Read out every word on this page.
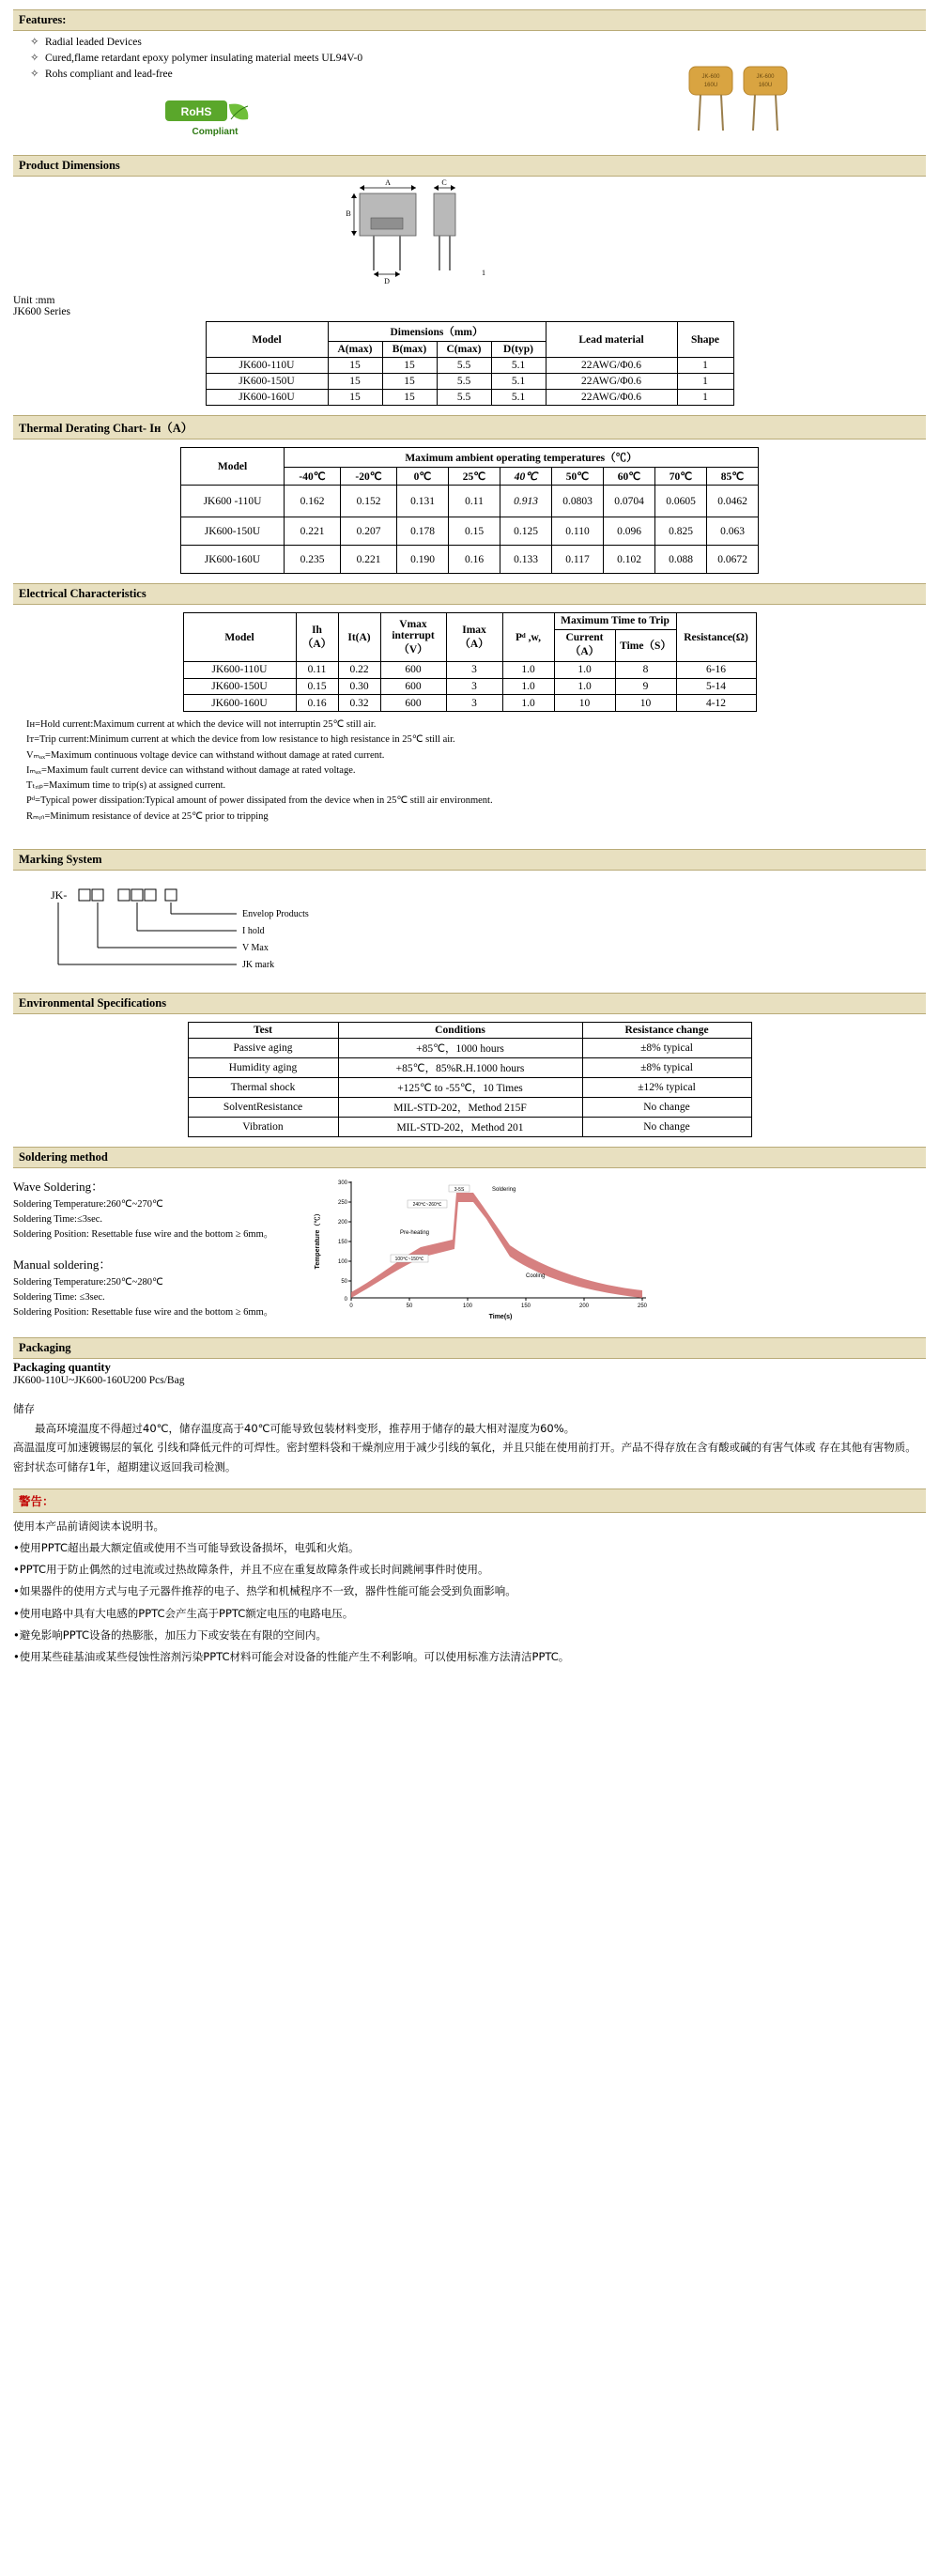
Features:
✧ Radial leaded Devices
✧ Cured,flame retardant epoxy polymer insulating material meets UL94V-0
✧ Rohs compliant and lead-free	JK-600
160U
JK-600
160U
RoHS
Compliant
Product Dimensions
A	C
B
D
1
Unit :mm
JK600 Series
Model	Dimensions（mm）				Lead material	Shape
	A(max)	B(max)	C(max)	D(typ)		
JK600-110U	15	15	5.5	5.1	22AWG/Φ0.6	1
JK600-150U	15	15	5.5	5.1	22AWG/Φ0.6	1
JK600-160U	15	15	5.5	5.1	22AWG/Φ0.6	1
Thermal Derating Chart- Iʜ（A）
Model	Maximum ambient operating temperatures（℃）								
	-40℃	-20℃	0℃	25℃	40℃	50℃	60℃	70℃	85℃
JK600 -110U	0.162	0.152	0.131	0.11	0.913	0.0803	0.0704	0.0605	0.0462
JK600-150U	0.221	0.207	0.178	0.15	0.125	0.110	0.096	0.825	0.063
JK600-160U	0.235	0.221	0.190	0.16	0.133	0.117	0.102	0.088	0.0672
Electrical Characteristics
Model	Ih（A）	It(A)	Vmax interrupt（V）	Imax（A）	Pᵈ ,w,	Maximum Time to Trip		Resistance(Ω)
						Current（A）	Time（S）	
JK600-110U	0.11	0.22	600	3	1.0	1.0	8	6-16
JK600-150U	0.15	0.30	600	3	1.0	1.0	9	5-14
JK600-160U	0.16	0.32	600	3	1.0	10	10	4-12
Iʜ=Hold current:Maximum current at which the device will not interruptin 25℃ still air.
Iᴛ=Trip current:Minimum current at which the device from low resistance to high resistance in 25℃ still air.
Vₘₐₓ=Maximum continuous voltage device can withstand without damage at rated current.
Iₘₐₓ=Maximum fault current device can withstand without damage at rated voltage.
Tₜᵣᵢₚ=Maximum time to trip(s) at assigned current.
Pᵈ=Typical power dissipation:Typical amount of power dissipated from the device when in 25℃ still air environment.
Rₘᵢₙ=Minimum resistance of device at 25℃ prior to tripping
Marking System
JK-
Envelop Products
I hold
V Max
JK mark
Environmental Specifications
Test	Conditions	Resistance change
Passive aging	+85℃，1000 hours	±8% typical
Humidity aging	+85℃，85%R.H.1000 hours	±8% typical
Thermal shock	+125℃ to -55℃，10 Times	±12% typical
SolventResistance	MIL-STD-202，Method 215F	No change
Vibration	MIL-STD-202，Method 201	No change
Soldering method
Wave Soldering：
Soldering Temperature:260℃~270℃
Soldering Time:≤3sec.
Soldering Position: Resettable fuse wire and the bottom ≥ 6mm。
Manual soldering：
Soldering Temperature:250℃~280℃
Soldering Time: ≤3sec.
Soldering Position: Resettable fuse wire and the bottom ≥ 6mm。
300
250
200
150
100
50
0
0	50	100	150	200	250
Time(s)
Temperature（℃）
3-5S	Soldering
240℃~260℃
Pre-heating
100℃~150℃
Cooling
Packaging
Packaging quantity
JK600-110U~JK600-160U200 Pcs/Bag
储存
最高环境温度不得超过40℃，储存温度高于40℃可能导致包装材料变形，推荐用于储存的最大相对湿度为60%。
高温温度可加速镀锡层的氧化 引线和降低元件的可焊性。密封塑料袋和干燥剂应用于减少引线的氧化，并且只能在使用前打开。产品不得存放在含有酸或碱的有害气体或 存在其他有害物质。密封状态可储存1年，超期建议返回我司检测。
警告：

使用本产品前请阅读本说明书。

•使用PPTC超出最大额定值或使用不当可能导致设备损坏，电弧和火焰。

•PPTC用于防止偶然的过电流或过热故障条件，并且不应在重复故障条件或长时间跳闸事件时使用。

•如果器件的使用方式与电子元器件推荐的电子、热学和机械程序不一致，器件性能可能会受到负面影响。

•使用电路中具有大电感的PPTC会产生高于PPTC额定电压的电路电压。

•避免影响PPTC设备的热膨胀，加压力下或安装在有限的空间内。

•使用某些硅基油或某些侵蚀性溶剂污染PPTC材料可能会对设备的性能产生不利影响。可以使用标准方法清洁PPTC。
